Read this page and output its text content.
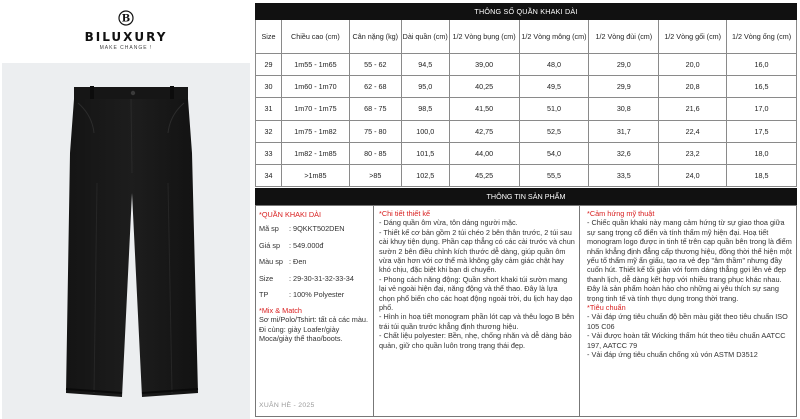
B
BILUXURY
MAKE CHANGE !
THÔNG SỐ QUẦN KHAKI DÀI								
Size	Chiều cao (cm)	Cân nặng (kg)	Dài quần (cm)	1/2 Vòng bụng (cm)	1/2 Vòng mông (cm)	1/2 Vòng đùi (cm)	1/2 Vòng gối (cm)	1/2 Vòng ống (cm)
29	1m55 - 1m65	55 - 62	94,5	39,00	48,0	29,0	20,0	16,0
30	1m60 - 1m70	62 - 68	95,0	40,25	49,5	29,9	20,8	16,5
31	1m70 - 1m75	68 - 75	98,5	41,50	51,0	30,8	21,6	17,0
32	1m75 - 1m82	75 - 80	100,0	42,75	52,5	31,7	22,4	17,5
33	1m82 - 1m85	80 - 85	101,5	44,00	54,0	32,6	23,2	18,0
34	>1m85	>85	102,5	45,25	55,5	33,5	24,0	18,5
THÔNG TIN SẢN PHẨM

*QUẦN KHAKI DÀI

Mã sp	: 9QKKT502DEN
Giá sp	: 549.000đ
Màu sp : Đen
Size	: 29-30-31-32-33-34
TP	: 100% Polyester

*Mix & Match

Sơ mi/Polo/Tshirt: tất cả các màu.
Đi cùng: giày Loafer/giày Moca/giày thể thao/boots.

XUÂN HÈ - 2025

*Chi tiết thiết kế

- Dáng quần ôm vừa, tôn dáng người mặc.
- Thiết kế cơ bản gồm 2 túi chéo 2 bên thân trước, 2 túi sau cài khuy tiện dụng. Phần cạp thẳng có các cài trước và chun sườn 2 bên điều chỉnh kích thước dễ dàng, giúp quần ôm vừa vặn hơn với cơ thể mà không gây cảm giác chật hay khó chịu, đặc biệt khi bạn di chuyển.
- Phong cách năng động: Quần short khaki túi sườn mang lại vẻ ngoài hiện đại, năng động và thể thao. Đây là lựa chọn phổ biến cho các hoạt động ngoài trời, du lịch hay dạo phố.
- Hình in hoạ tiết monogram phần lót cạp và thêu logo B bên trái túi quần trước khẳng định thương hiệu.
- Chất liệu polyester: Bền, nhẹ, chống nhăn và dễ dàng bảo quản, giữ cho quần luôn trong trạng thái đẹp.

*Cảm hứng mỹ thuật

- Chiếc quần khaki này mang cảm hứng từ sự giao thoa giữa sự sang trọng cổ điển và tính thẩm mỹ hiện đại. Hoạ tiết monogram logo được in tinh tế trên cạp quần bên trong là điểm nhấn khẳng định đẳng cấp thương hiệu, đồng thời thể hiện một yếu tố thẩm mỹ ẩn giấu, tạo ra vẻ đẹp "âm thầm" nhưng đầy cuốn hút. Thiết kế tối giản với form dáng thẳng gợi lên vẻ đẹp thanh lịch, dễ dàng kết hợp với nhiều trang phục khác nhau. Đây là sản phẩm hoàn hảo cho những ai yêu thích sự sang trọng tinh tế và tính thực dụng trong thời trang.

*Tiêu chuẩn

- Vải đáp ứng tiêu chuẩn độ bền màu giặt theo tiêu chuẩn ISO 105 C06
- Vải được hoàn tất Wicking thấm hút theo tiêu chuẩn AATCC 197, AATCC 79
- Vải đáp ứng tiêu chuẩn chống xù vón ASTM D3512
